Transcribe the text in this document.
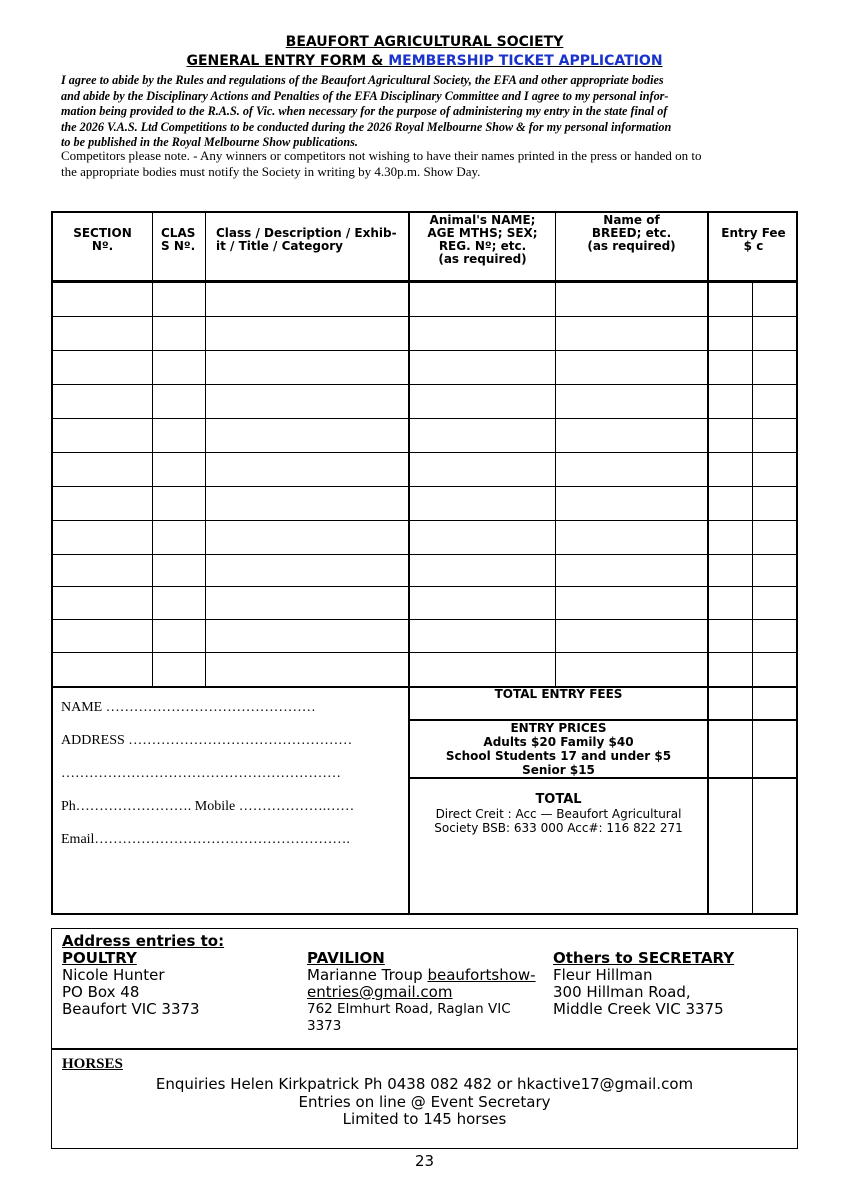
BEAUFORT AGRICULTURAL SOCIETY
GENERAL ENTRY FORM & MEMBERSHIP TICKET APPLICATION
I agree to abide by the Rules and regulations of the Beaufort Agricultural Society, the EFA and other appropriate bodies
and abide by the Disciplinary Actions and Penalties of the EFA Disciplinary Committee and I agree to my personal infor-
mation being provided to the R.A.S. of Vic. when necessary for the purpose of administering my entry in the state final of
the 2026 V.A.S. Ltd Competitions to be conducted during the 2026 Royal Melbourne Show & for my personal information
to be published in the Royal Melbourne Show publications.
Competitors please note. - Any winners or competitors not wishing to have their names printed in the press or handed on to
the appropriate bodies must notify the Society in writing by 4.30p.m. Show Day.
SECTION
Nº.
CLAS
S Nº.
Class / Description / Exhib-
it / Title / Category
Animal's NAME;
AGE MTHS; SEX;
REG. Nº; etc.
(as required)
Name of
BREED; etc.
(as required)
Entry Fee
$ c
TOTAL ENTRY FEES
ENTRY PRICES
Adults $20 Family $40
School Students 17 and under $5
Senior $15
TOTAL
Direct Creit : Acc — Beaufort Agricultural
Society BSB: 633 000 Acc#: 116 822 271
NAME ………………………………………
ADDRESS …………………………………………
……………………………………………………
Ph……………………. Mobile ……………….……
Email……………………………………………….
Address entries to:
POULTRY
Nicole Hunter
PO Box 48
Beaufort VIC 3373
PAVILION
Marianne Troup beaufortshow-
entries@gmail.com
762 Elmhurt Road, Raglan VIC
3373
Others to SECRETARY
Fleur Hillman
300 Hillman Road,
Middle Creek VIC 3375
HORSES
Enquiries Helen Kirkpatrick Ph 0438 082 482 or hkactive17@gmail.com
Entries on line @ Event Secretary
Limited to 145 horses
23
